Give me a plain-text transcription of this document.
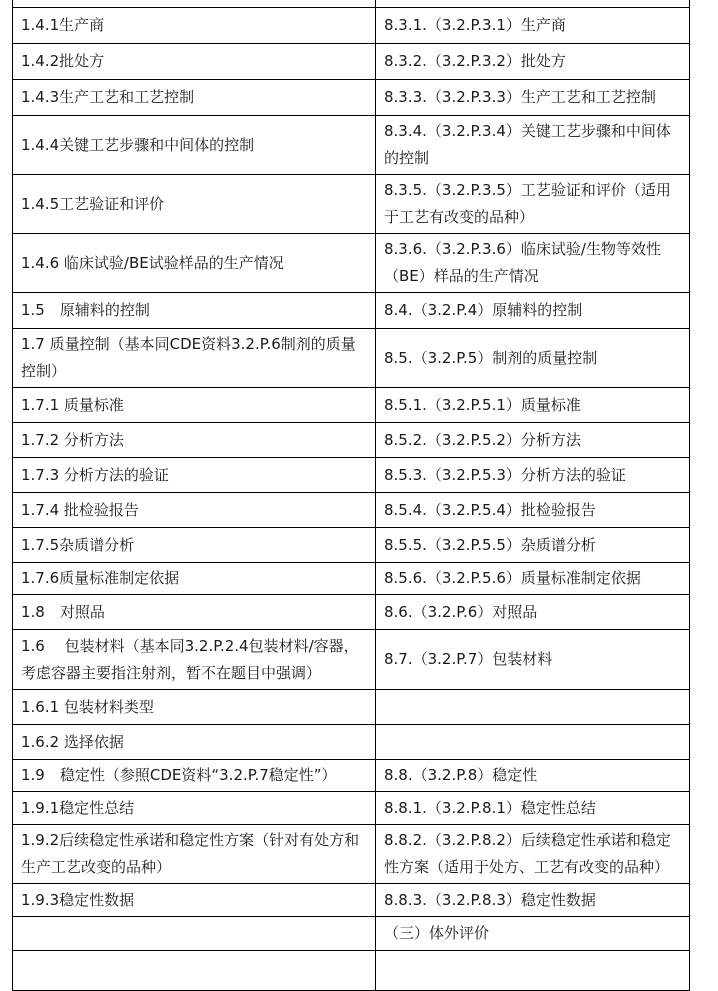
1.4.1生产商	8.3.1.（3.2.P.3.1）生产商
1.4.2批处方	8.3.2.（3.2.P.3.2）批处方
1.4.3生产工艺和工艺控制	8.3.3.（3.2.P.3.3）生产工艺和工艺控制
1.4.4关键工艺步骤和中间体的控制	8.3.4.（3.2.P.3.4）关键工艺步骤和中间体的控制
1.4.5工艺验证和评价	8.3.5.（3.2.P.3.5）工艺验证和评价（适用于工艺有改变的品种）
1.4.6 临床试验/BE试验样品的生产情况	8.3.6.（3.2.P.3.6）临床试验/生物等效性（BE）样品的生产情况
1.5　原辅料的控制	8.4.（3.2.P.4）原辅料的控制
1.7 质量控制（基本同CDE资料3.2.P.6制剂的质量控制）	8.5.（3.2.P.5）制剂的质量控制
1.7.1 质量标准	8.5.1.（3.2.P.5.1）质量标准
1.7.2 分析方法	8.5.2.（3.2.P.5.2）分析方法
1.7.3 分析方法的验证	8.5.3.（3.2.P.5.3）分析方法的验证
1.7.4 批检验报告	8.5.4.（3.2.P.5.4）批检验报告
1.7.5杂质谱分析	8.5.5.（3.2.P.5.5）杂质谱分析
1.7.6质量标准制定依据	8.5.6.（3.2.P.5.6）质量标准制定依据
1.8　对照品	8.6.（3.2.P.6）对照品
1.6　 包装材料（基本同3.2.P.2.4包装材料/容器，考虑容器主要指注射剂，暂不在题目中强调）	8.7.（3.2.P.7）包装材料
1.6.1 包装材料类型	
1.6.2 选择依据	
1.9　稳定性（参照CDE资料“3.2.P.7稳定性”）	8.8.（3.2.P.8）稳定性
1.9.1稳定性总结	8.8.1.（3.2.P.8.1）稳定性总结
1.9.2后续稳定性承诺和稳定性方案（针对有处方和生产工艺改变的品种）	8.8.2.（3.2.P.8.2）后续稳定性承诺和稳定性方案（适用于处方、工艺有改变的品种）
1.9.3稳定性数据	8.8.3.（3.2.P.8.3）稳定性数据
	（三）体外评价
